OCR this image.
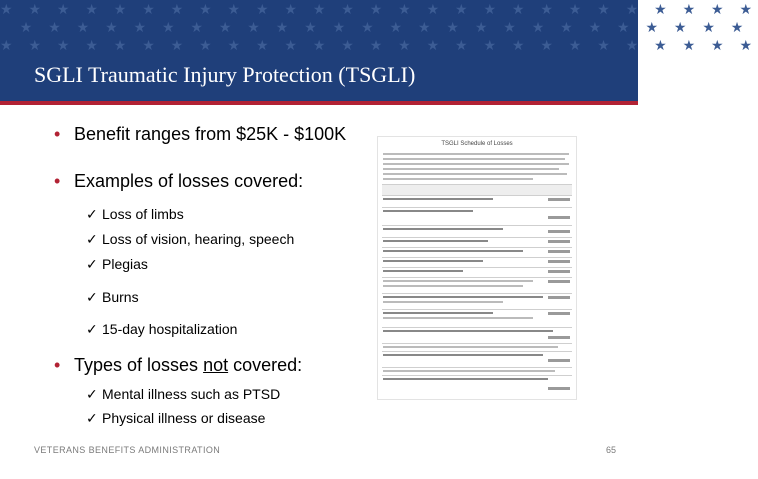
★ ★ ★ ★ ★ ★ ★ ★ ★ ★ ★ ★ ★ ★ ★ ★ ★ ★ ★ ★ ★ ★ ★ ★ ★ ★ ★
★ ★ ★ ★ ★ ★ ★ ★ ★ ★ ★ ★ ★ ★ ★ ★ ★ ★ ★ ★ ★ ★ ★ ★ ★ ★
★ ★ ★ ★ ★ ★ ★ ★ ★ ★ ★ ★ ★ ★ ★ ★ ★ ★ ★ ★ ★ ★ ★ ★ ★ ★ ★
SGLI Traumatic Injury Protection (TSGLI)
• Benefit ranges from $25K - $100K
• Examples of losses covered:
✓ Loss of limbs
✓ Loss of vision, hearing, speech
✓ Plegias
✓ Burns
✓ 15-day hospitalization
• Types of losses not covered:
✓ Mental illness such as PTSD
✓ Physical illness or disease
TSGLI Schedule of Losses
VETERANS BENEFITS ADMINISTRATION	65
